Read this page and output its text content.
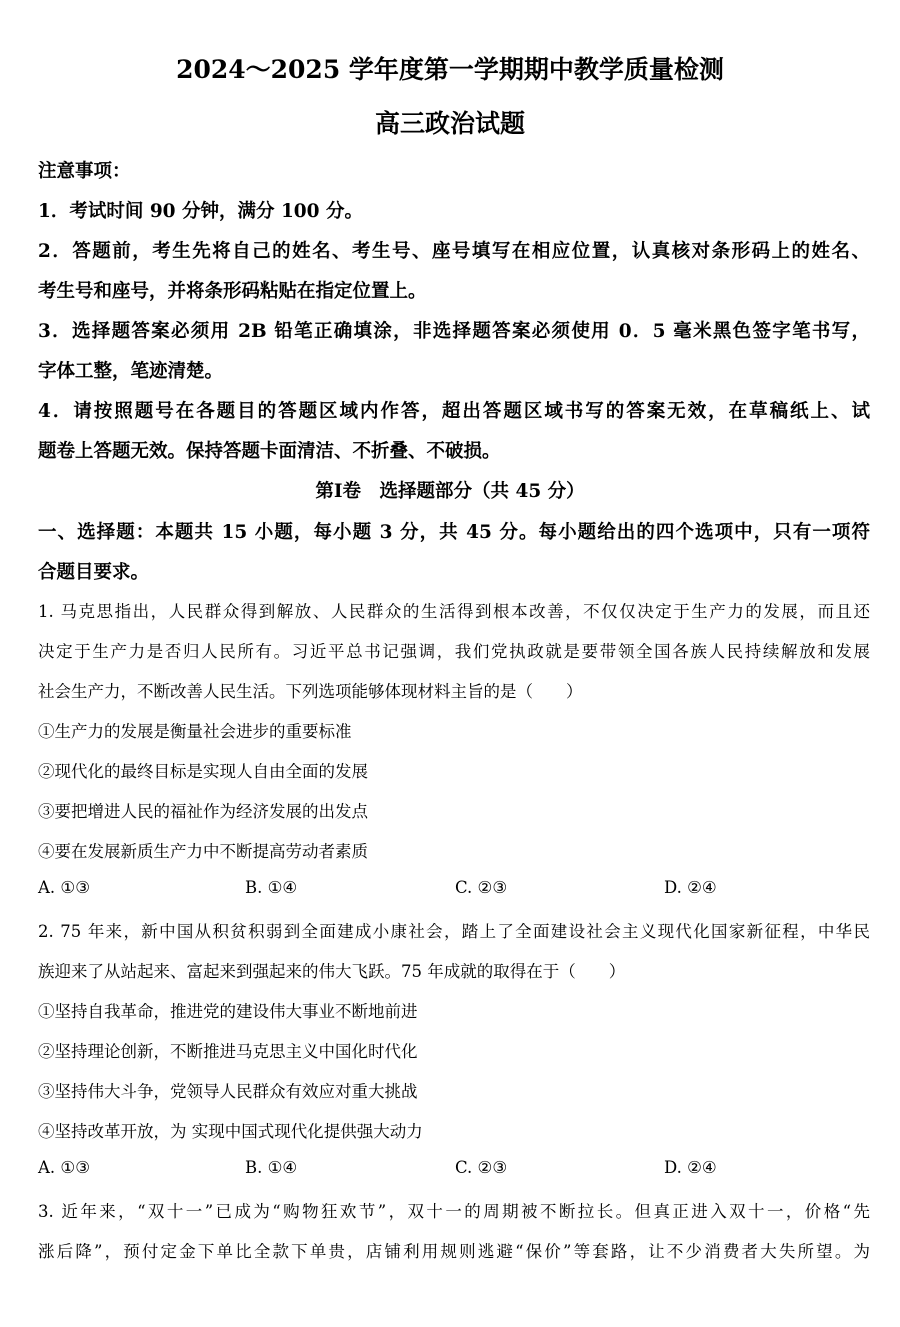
2024～2025 学年度第一学期期中教学质量检测
高三政治试题
注意事项：
1．考试时间 90 分钟，满分 100 分。
2．答题前，考生先将自己的姓名、考生号、座号填写在相应位置，认真核对条形码上的姓名、
考生号和座号，并将条形码粘贴在指定位置上。
3．选择题答案必须用 2B 铅笔正确填涂，非选择题答案必须使用 0．5 毫米黑色签字笔书写，
字体工整，笔迹清楚。
4．请按照题号在各题目的答题区域内作答，超出答题区域书写的答案无效，在草稿纸上、试
题卷上答题无效。保持答题卡面清洁、不折叠、不破损。
第Ⅰ卷　选择题部分（共 45 分）
一、选择题：本题共 15 小题，每小题 3 分，共 45 分。每小题给出的四个选项中，只有一项符
合题目要求。
1. 马克思指出，人民群众得到解放、人民群众的生活得到根本改善，不仅仅决定于生产力的发展，而且还
决定于生产力是否归人民所有。习近平总书记强调，我们党执政就是要带领全国各族人民持续解放和发展
社会生产力，不断改善人民生活。下列选项能够体现材料主旨的是（　　）
①生产力的发展是衡量社会进步的重要标准
②现代化的最终目标是实现人自由全面的发展
③要把增进人民的福祉作为经济发展的出发点
④要在发展新质生产力中不断提高劳动者素质
A. ①③	B. ①④	C. ②③	D. ②④
2. 75 年来，新中国从积贫积弱到全面建成小康社会，踏上了全面建设社会主义现代化国家新征程，中华民
族迎来了从站起来、富起来到强起来的伟大飞跃。75 年成就的取得在于（　　）
①坚持自我革命，推进党的建设伟大事业不断地前进
②坚持理论创新，不断推进马克思主义中国化时代化
③坚持伟大斗争，党领导人民群众有效应对重大挑战
④坚持改革开放，为 实现中国式现代化提供强大动力
A. ①③	B. ①④	C. ②③	D. ②④
3. 近年来，“双十一”已成为“购物狂欢节”，双十一的周期被不断拉长。但真正进入双十一，价格“先
涨后降”，预付定金下单比全款下单贵，店铺利用规则逃避“保价”等套路，让不少消费者大失所望。为
